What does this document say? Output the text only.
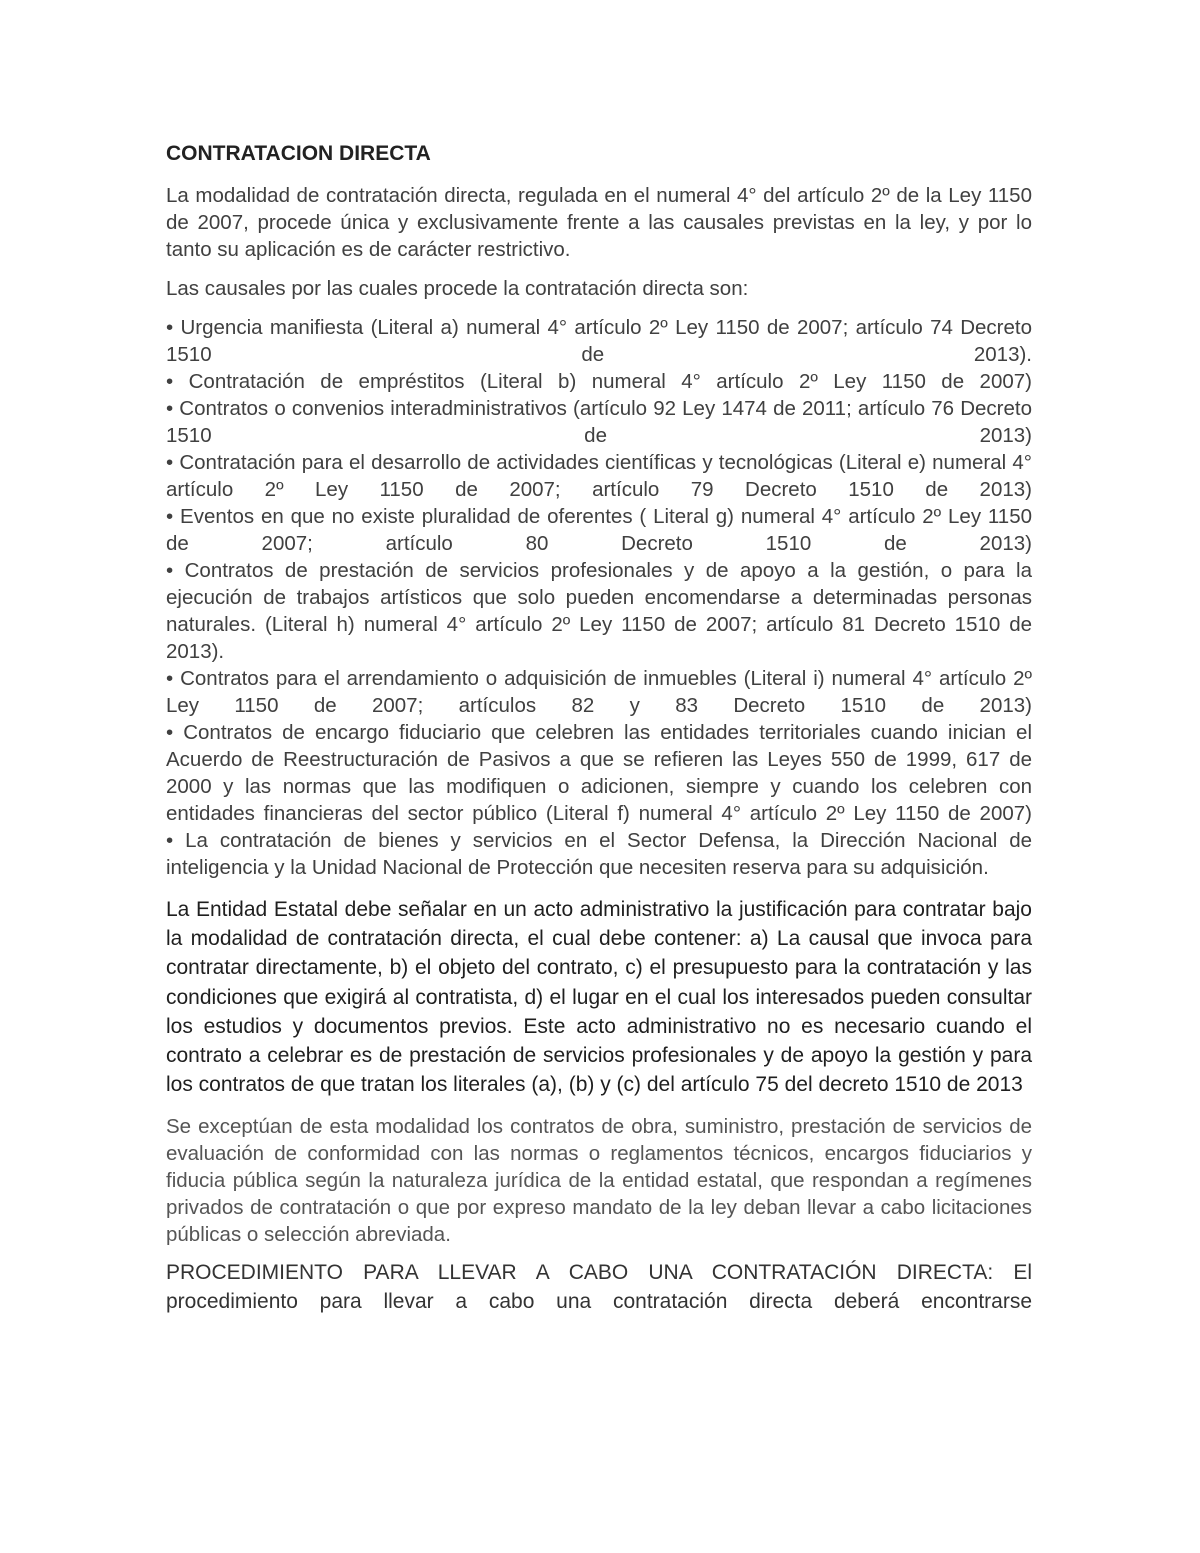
CONTRATACION DIRECTA

La modalidad de contratación directa, regulada en el numeral 4° del artículo 2º de la Ley 1150 de 2007, procede única y exclusivamente frente a las causales previstas en la ley, y por lo tanto su aplicación es de carácter restrictivo.

Las causales por las cuales procede la contratación directa son:

• Urgencia manifiesta (Literal a) numeral 4° artículo 2º Ley 1150 de 2007; artículo 74 Decreto 1510 de 2013).

• Contratación de empréstitos (Literal b) numeral 4° artículo 2º Ley 1150 de 2007)

• Contratos o convenios interadministrativos (artículo 92 Ley 1474 de 2011; artículo 76 Decreto 1510 de 2013)

• Contratación para el desarrollo de actividades científicas y tecnológicas (Literal e) numeral 4° artículo 2º Ley 1150 de 2007; artículo 79 Decreto 1510 de 2013)

• Eventos en que no existe pluralidad de oferentes ( Literal g) numeral 4° artículo 2º Ley 1150 de 2007; artículo 80 Decreto 1510 de 2013)

• Contratos de prestación de servicios profesionales y de apoyo a la gestión, o para la ejecución de trabajos artísticos que solo pueden encomendarse a determinadas personas naturales. (Literal h) numeral 4° artículo 2º Ley 1150 de 2007; artículo 81 Decreto 1510 de 2013).

• Contratos para el arrendamiento o adquisición de inmuebles (Literal i) numeral 4° artículo 2º Ley 1150 de 2007; artículos 82 y 83 Decreto 1510 de 2013)

• Contratos de encargo fiduciario que celebren las entidades territoriales cuando inician el Acuerdo de Reestructuración de Pasivos a que se refieren las Leyes 550 de 1999, 617 de 2000 y las normas que las modifiquen o adicionen, siempre y cuando los celebren con entidades financieras del sector público (Literal f) numeral 4° artículo 2º Ley 1150 de 2007)

• La contratación de bienes y servicios en el Sector Defensa, la Dirección Nacional de inteligencia y la Unidad Nacional de Protección que necesiten reserva para su adquisición.

La Entidad Estatal debe señalar en un acto administrativo la justificación para contratar bajo la modalidad de contratación directa, el cual debe contener: a) La causal que invoca para contratar directamente, b) el objeto del contrato, c) el presupuesto para la contratación y las condiciones que exigirá al contratista, d) el lugar en el cual los interesados pueden consultar los estudios y documentos previos. Este acto administrativo no es necesario cuando el contrato a celebrar es de prestación de servicios profesionales y de apoyo la gestión y para los contratos de que tratan los literales (a), (b) y (c) del artículo 75 del decreto 1510 de 2013

Se exceptúan de esta modalidad los contratos de obra, suministro, prestación de servicios de evaluación de conformidad con las normas o reglamentos técnicos, encargos fiduciarios y fiducia pública según la naturaleza jurídica de la entidad estatal, que respondan a regímenes privados de contratación o que por expreso mandato de la ley deban llevar a cabo licitaciones públicas o selección abreviada.

PROCEDIMIENTO PARA LLEVAR A CABO UNA CONTRATACIÓN DIRECTA: El procedimiento para llevar a cabo una contratación directa deberá encontrarse
